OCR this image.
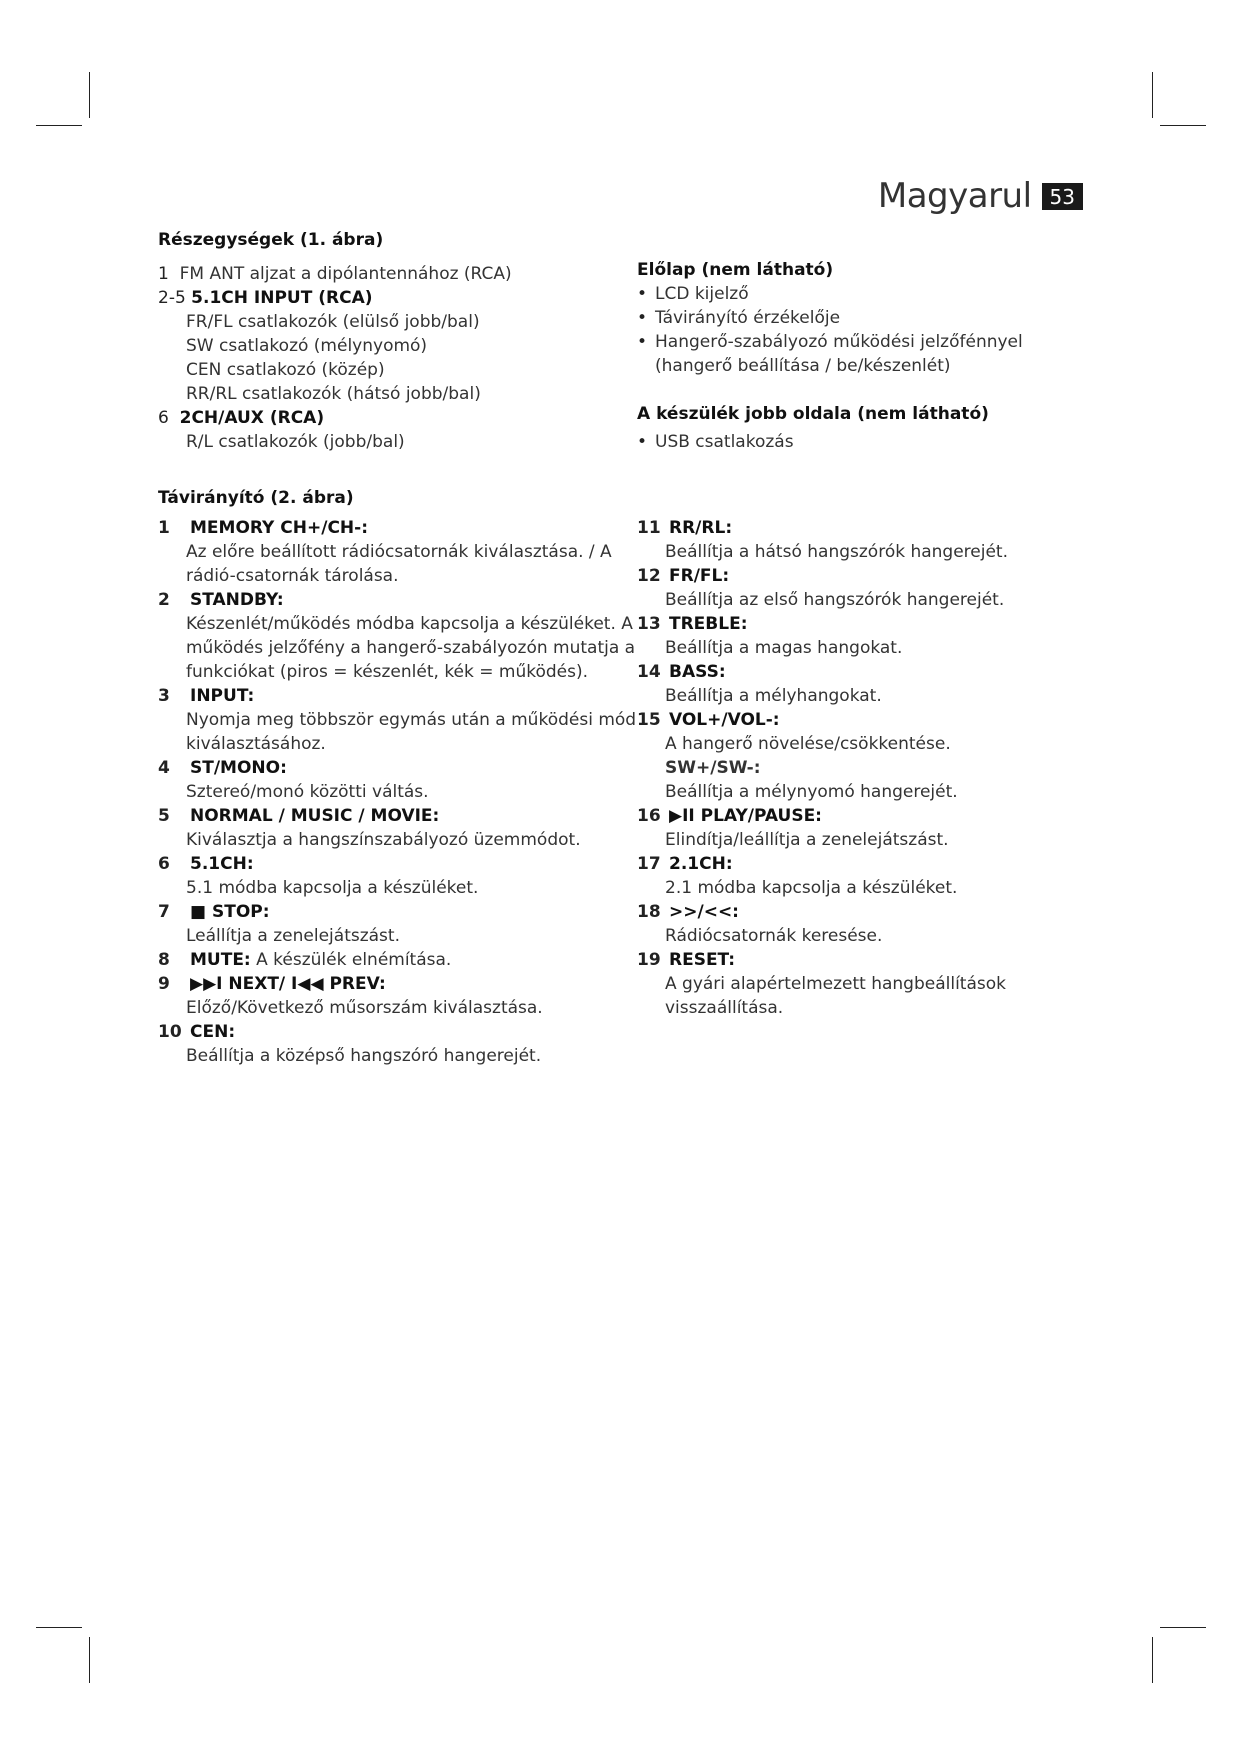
Magyarul 53
Részegységek (1. ábra)
1 FM ANT aljzat a dipólantennához (RCA)
2-5 5.1CH INPUT (RCA)
FR/FL csatlakozók (elülső jobb/bal)
SW csatlakozó (mélynyomó)
CEN csatlakozó (közép)
RR/RL csatlakozók (hátsó jobb/bal)
6 2CH/AUX (RCA)
R/L csatlakozók (jobb/bal)
Előlap (nem látható)
• LCD kijelző
• Távirányító érzékelője
• Hangerő-szabályozó működési jelzőfénnyel (hangerő beállítása / be/készenlét)
A készülék jobb oldala (nem látható)
• USB csatlakozás
Távirányító (2. ábra)
1 MEMORY CH+/CH-:
Az előre beállított rádiócsatornák kiválasztása. / A rádió-csatornák tárolása.
2 STANDBY:
Készenlét/működés módba kapcsolja a készüléket. A működés jelzőfény a hangerő-szabályozón mutatja a funkciókat (piros = készenlét, kék = működés).
3 INPUT:
Nyomja meg többször egymás után a működési mód kiválasztásához.
4 ST/MONO:
Sztereó/monó közötti váltás.
5 NORMAL / MUSIC / MOVIE:
Kiválasztja a hangszínszabályozó üzemmódot.
6 5.1CH:
5.1 módba kapcsolja a készüléket.
7 ■ STOP:
Leállítja a zenelejátszást.
8 MUTE: A készülék elnémítása.
9 ▶▶I NEXT/ I◀◀ PREV:
Előző/Következő műsorszám kiválasztása.
10 CEN:
Beállítja a középső hangszóró hangerejét.
11 RR/RL:
Beállítja a hátsó hangszórók hangerejét.
12 FR/FL:
Beállítja az első hangszórók hangerejét.
13 TREBLE:
Beállítja a magas hangokat.
14 BASS:
Beállítja a mélyhangokat.
15 VOL+/VOL-:
A hangerő növelése/csökkentése.
SW+/SW-:
Beállítja a mélynyomó hangerejét.
16 ▶II PLAY/PAUSE:
Elindítja/leállítja a zenelejátszást.
17 2.1CH:
2.1 módba kapcsolja a készüléket.
18 >>/<<:
Rádiócsatornák keresése.
19 RESET:
A gyári alapértelmezett hangbeállítások visszaállítása.
